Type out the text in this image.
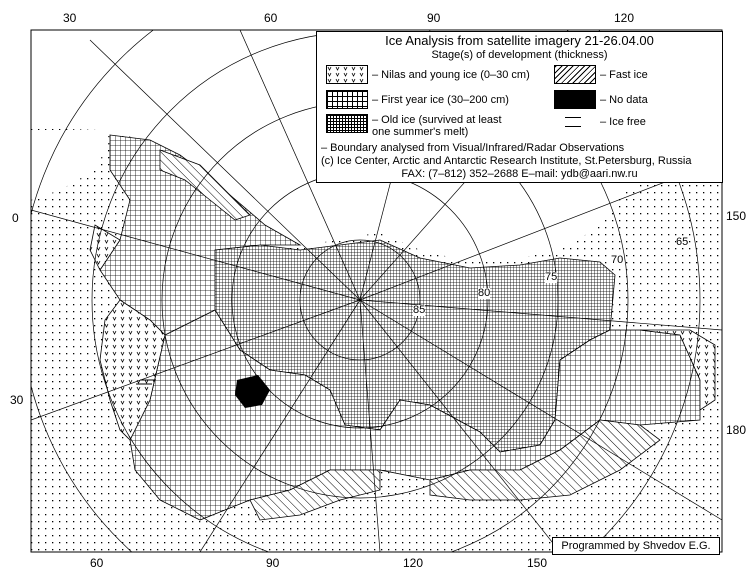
30	60	90	120
60	90	120	150
0
30
150
180
85
80
75
70
65
Ice Analysis from satellite imagery 21-26.04.00
Stage(s) of development (thickness)
– Nilas and young ice (0–30 cm)	– Fast ice
– First year ice (30–200 cm)	– No data
– Old ice (survived at least
one summer's melt)
– Ice free
– Boundary analysed from Visual/Infrared/Radar Observations
(c) Ice Center, Arctic and Antarctic Research Institute, St.Petersburg, Russia
FAX: (7–812) 352–2688 E–mail: ydb@aari.nw.ru
Programmed by Shvedov E.G.
